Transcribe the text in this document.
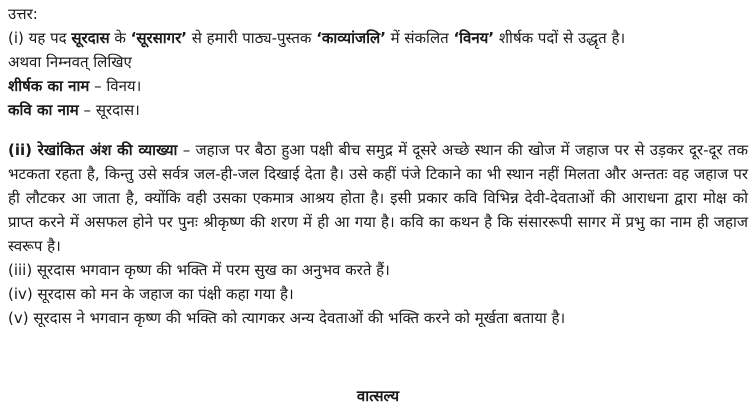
उत्तर:
(i) यह पद सूरदास के ‘सूरसागर’ से हमारी पाठ्य-पुस्तक ‘काव्यांजलि’ में संकलित ‘विनय’ शीर्षक पदों से उद्धृत है।
अथवा निम्नवत् लिखिए
शीर्षक का नाम – विनय।
कवि का नाम – सूरदास।

(ii) रेखांकित अंश की व्याख्या – जहाज पर बैठा हुआ पक्षी बीच समुद्र में दूसरे अच्छे स्थान की खोज में जहाज पर से उड़कर दूर-दूर तक भटकता रहता है, किन्तु उसे सर्वत्र जल-ही-जल दिखाई देता है। उसे कहीं पंजे टिकाने का भी स्थान नहीं मिलता और अन्ततः वह जहाज पर ही लौटकर आ जाता है, क्योंकि वही उसका एकमात्र आश्रय होता है। इसी प्रकार कवि विभिन्न देवी-देवताओं की आराधना द्वारा मोक्ष को प्राप्त करने में असफल होने पर पुनः श्रीकृष्ण की शरण में ही आ गया है। कवि का कथन है कि संसाररूपी सागर में प्रभु का नाम ही जहाज स्वरूप है।

(iii) सूरदास भगवान कृष्ण की भक्ति में परम सुख का अनुभव करते हैं।
(iv) सूरदास को मन के जहाज का पंक्षी कहा गया है।
(v) सूरदास ने भगवान कृष्ण की भक्ति को त्यागकर अन्य देवताओं की भक्ति करने को मूर्खता बताया है।
वात्सल्य
